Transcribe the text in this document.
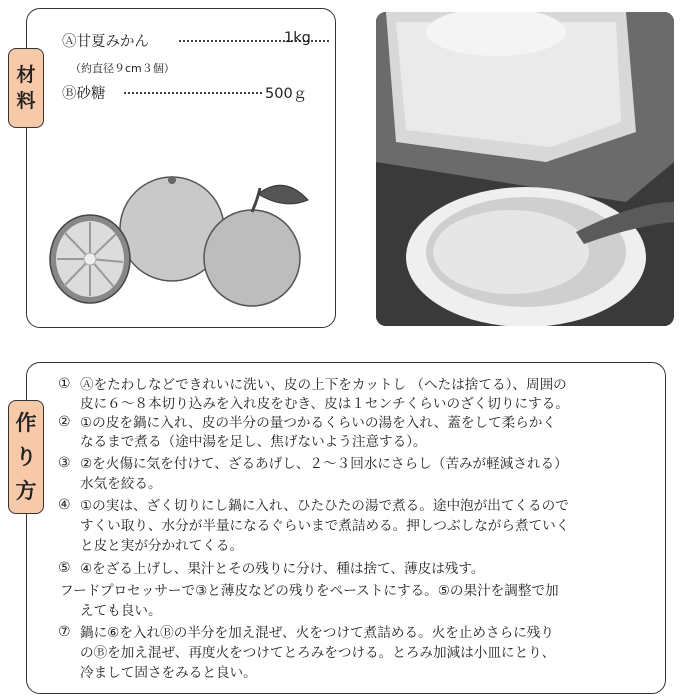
材
料
Ⓐ甘夏みかん	1kg
（約直径９cm３個）
Ⓑ砂糖	500ｇ
作
り
方
① Ⓐをたわしなどできれいに洗い、皮の上下をカットし （へたは捨てる）、周囲の
皮に６～８本切り込みを入れ皮をむき、皮は１センチくらいのざく切りにする。
② ①の皮を鍋に入れ、皮の半分の量つかるくらいの湯を入れ、蓋をして柔らかく
なるまで煮る（途中湯を足し、焦げないよう注意する）。
③ ②を火傷に気を付けて、ざるあげし、２～３回水にさらし（苦みが軽減される）
水気を絞る。
④ ①の実は、ざく切りにし鍋に入れ、ひたひたの湯で煮る。途中泡が出てくるので
すくい取り、水分が半量になるぐらいまで煮詰める。押しつぶしながら煮ていく
と皮と実が分かれてくる。
⑤ ④をざる上げし、果汁とその残りに分け、種は捨て、薄皮は残す。
フードプロセッサーで③と薄皮などの残りをペーストにする。⑤の果汁を調整で加
えても良い。
⑦ 鍋に⑥を入れⒷの半分を加え混ぜ、火をつけて煮詰める。火を止めさらに残り
のⒷを加え混ぜ、再度火をつけてとろみをつける。とろみ加減は小皿にとり、
冷まして固さをみると良い。
